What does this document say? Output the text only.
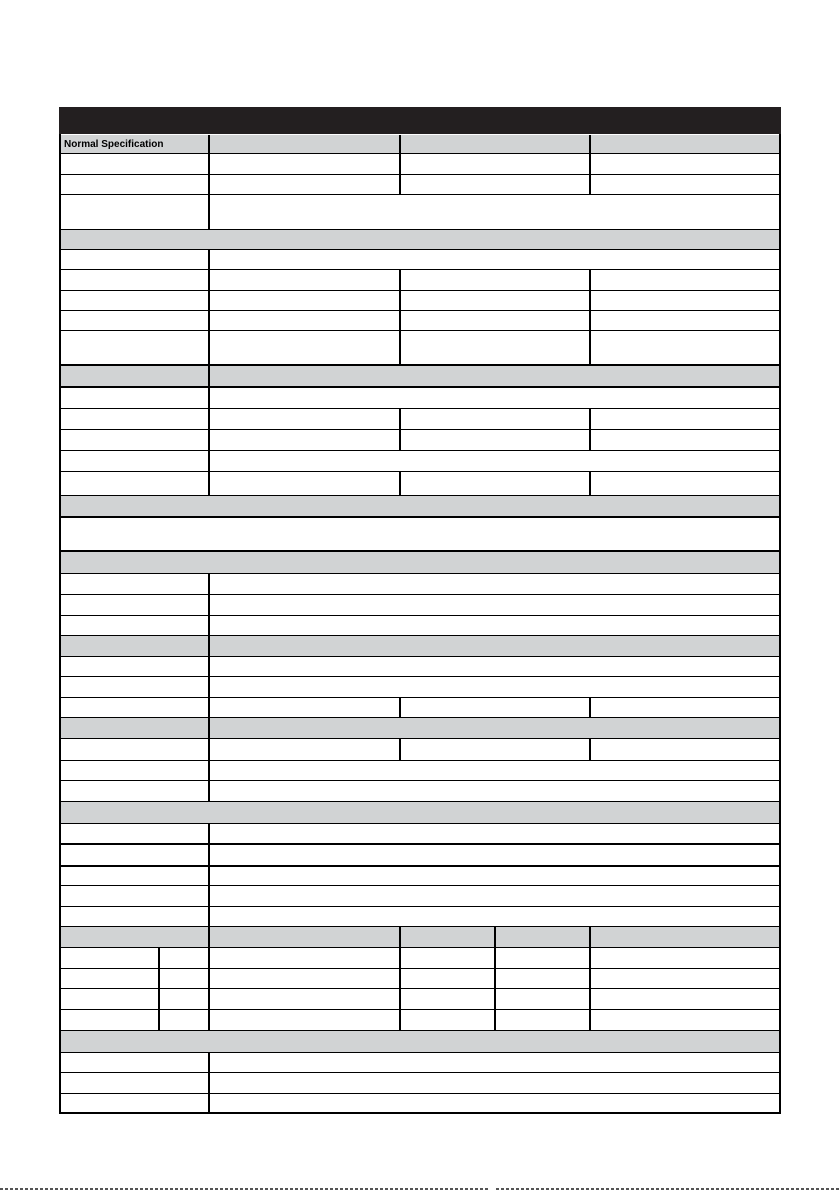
Normal Specification
